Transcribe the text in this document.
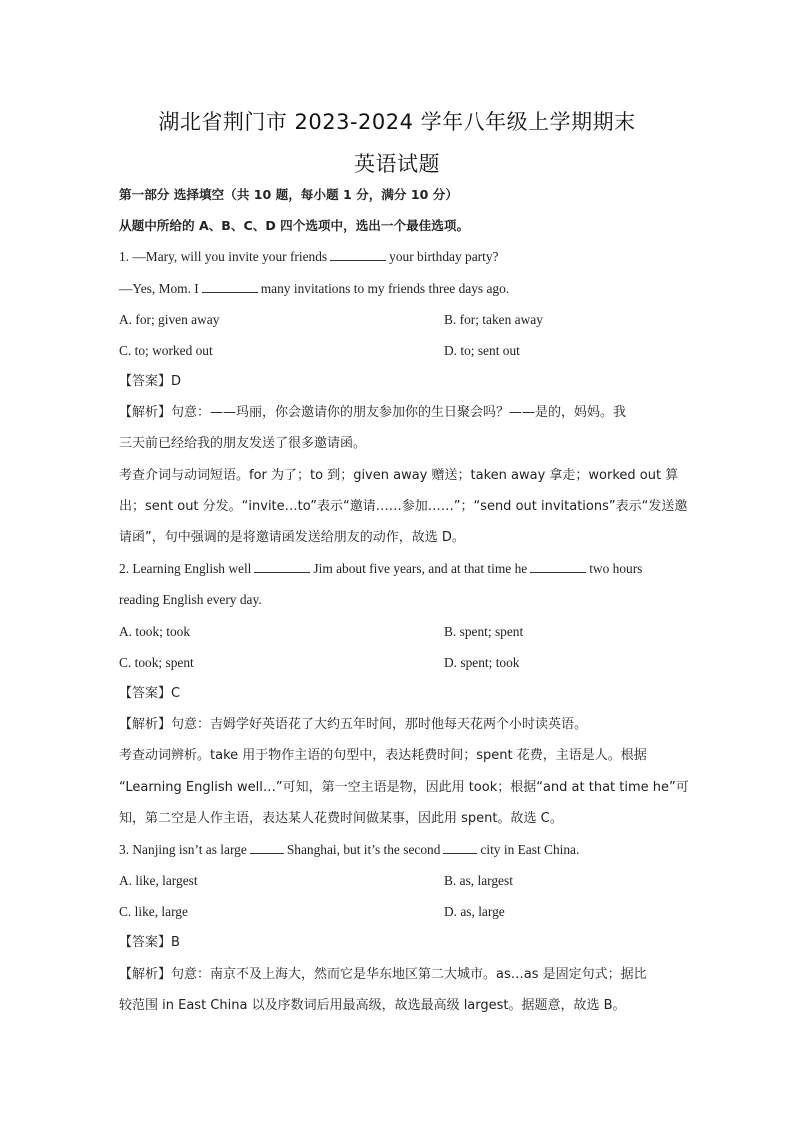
湖北省荆门市 2023-2024 学年八年级上学期期末
英语试题
第一部分 选择填空（共 10 题，每小题 1 分，满分 10 分）
从题中所给的 A、B、C、D 四个选项中，选出一个最佳选项。
1. —Mary, will you invite your friends	your birthday party?
—Yes, Mom. I	many invitations to my friends three days ago.
A. for; given away	B. for; taken away
C. to; worked out	D. to; sent out
【答案】D
【解析】句意：——玛丽，你会邀请你的朋友参加你的生日聚会吗？——是的，妈妈。我
三天前已经给我的朋友发送了很多邀请函。
考查介词与动词短语。for 为了；to 到；given away 赠送；taken away 拿走；worked out 算
出；sent out 分发。“invite…to”表示“邀请……参加……”；“send out invitations”表示“发送邀
请函”，句中强调的是将邀请函发送给朋友的动作，故选 D。
2. Learning English well	Jim about five years, and at that time he	two hours
reading English every day.
A. took; took	B. spent; spent
C. took; spent	D. spent; took
【答案】C
【解析】句意：吉姆学好英语花了大约五年时间，那时他每天花两个小时读英语。
考查动词辨析。take 用于物作主语的句型中，表达耗费时间；spent 花费，主语是人。根据
“Learning English well…”可知，第一空主语是物，因此用 took；根据“and at that time he”可
知，第二空是人作主语，表达某人花费时间做某事，因此用 spent。故选 C。
3. Nanjing isn’t as large	Shanghai, but it’s the second	city in East China.
A. like, largest	B. as, largest
C. like, large	D. as, large
【答案】B
【解析】句意：南京不及上海大，然而它是华东地区第二大城市。as…as 是固定句式；据比
较范围 in East China 以及序数词后用最高级，故选最高级 largest。据题意，故选 B。
